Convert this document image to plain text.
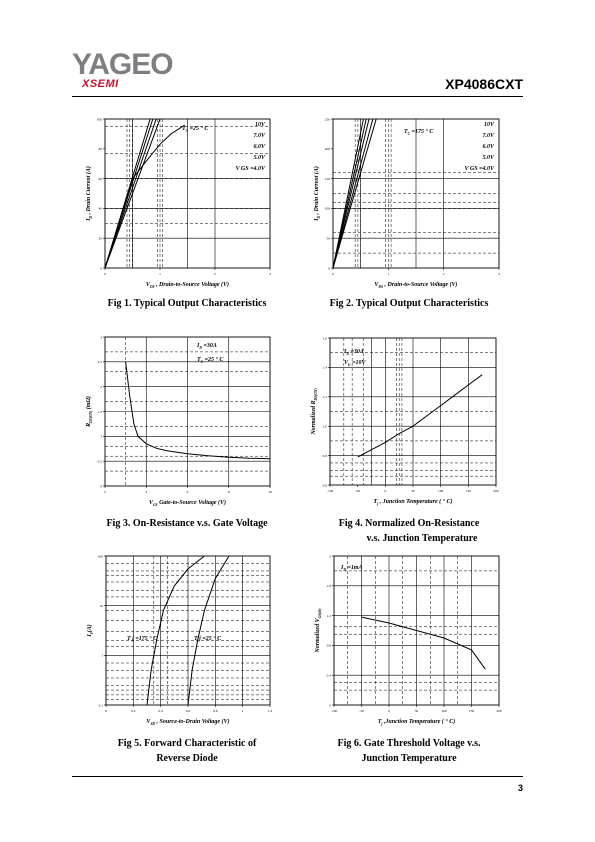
YAGEO
XSEMI	XP4086CXT
0	1	2	3
0
20
40
60
80
100
$V_{DS}$ , Drain-to-Source Voltage (V)
$I_D$ , Drain Current (A)
$T_C =25$ ° C
10V
7.0V
6.0V
5.0V
V GS =4.0V
0	1	2	3
0
50
100
150
200
250
$V_{DS}$ , Drain-to-Source Voltage (V)
$I_D$ , Drain Current (A)
$T_C =175$ ° C
10V
7.0V
6.0V
5.0V
V GS =4.0V
2	4	6	8	10
0
0.5
1
1.5
2
2.5
3
$V_{GS}$ Gate-to-Source Voltage (V)
$R_{DS(ON)}$ (mΩ)
$I_D =30A$
$T_C =25$ ° C
-100	-50	0	50	100	150	200
0.6
0.8
1.0
1.2
1.4
1.6
$T_j$ , Junction Temperature ( ° C)
Normalized $R_{DS(ON)}$
$I_D =30A$
$V_G =10V$
0	0.2	0.4	0.6	0.8	1	1.2
0.1
1
10
100
$V_{SD}$ , Source-to-Drain Voltage (V)
$I_S(A)$
T j =175 ° C	T j =25 ° C
-100	-50	0	50	100	150	200
0
0.4
0.8
1.2
1.6
2
$T_j$ ,Junction Temperature ( ° C)
Normalized $V_{GS(th)}$
$I_D =1mA$
Fig 1. Typical Output Characteristics	Fig 2. Typical Output Characteristics
Fig 3. On-Resistance v.s. Gate Voltage	Fig 4. Normalized On-Resistance
v.s. Junction Temperature
Fig 5. Forward Characteristic of
Reverse Diode
Fig 6. Gate Threshold Voltage v.s.
Junction Temperature
3
